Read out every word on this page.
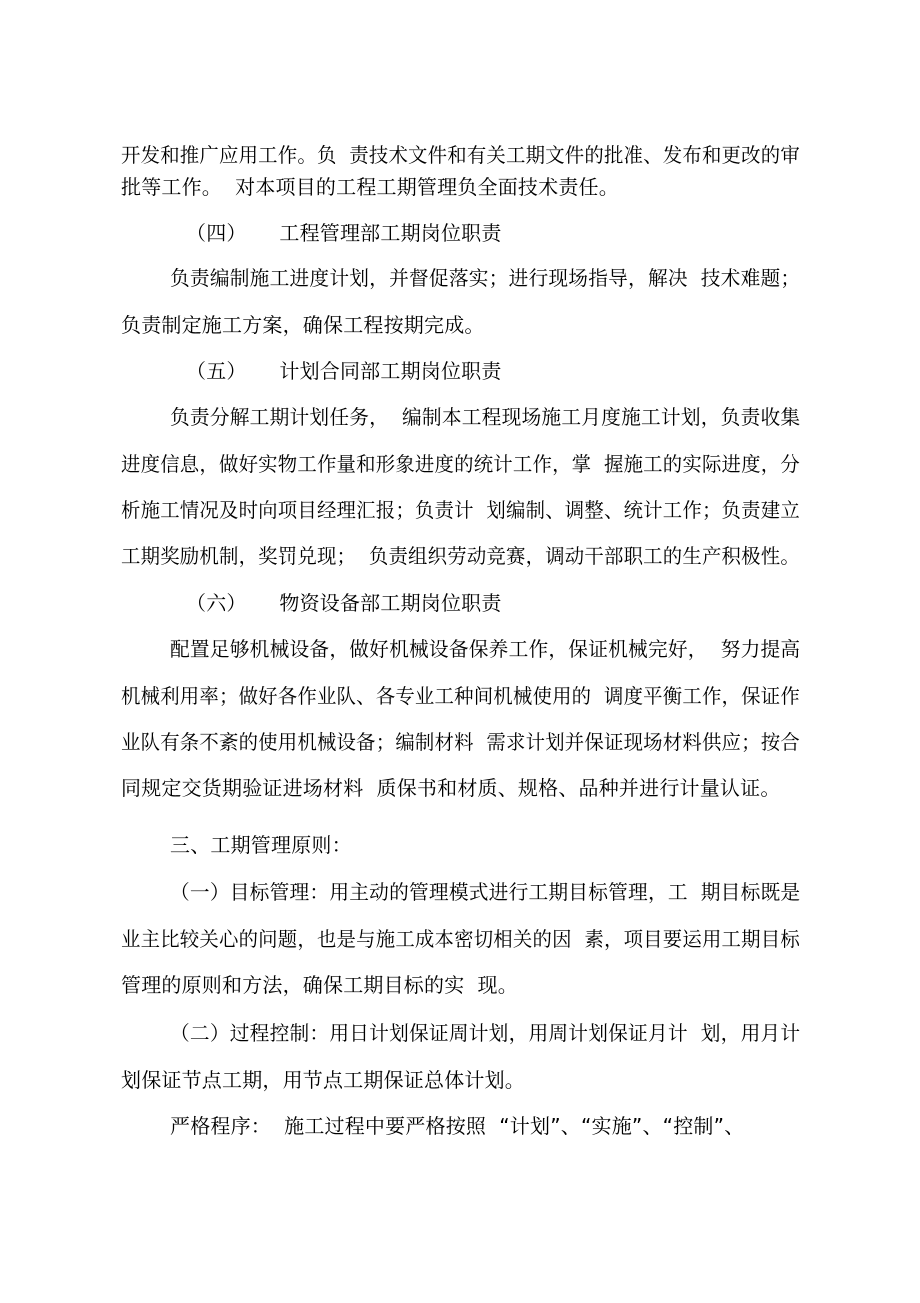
开发和推广应用工作。负  责技术文件和有关工期文件的批准、发布和更改的审
批等工作。  对本项目的工程工期管理负全面技术责任。
（四）     工程管理部工期岗位职责
负责编制施工进度计划，并督促落实；进行现场指导，解决  技术难题；
负责制定施工方案，确保工程按期完成。
（五）     计划合同部工期岗位职责
负责分解工期计划任务，  编制本工程现场施工月度施工计划，负责收集
进度信息，做好实物工作量和形象进度的统计工作，掌  握施工的实际进度，分
析施工情况及时向项目经理汇报；负责计  划编制、调整、统计工作；负责建立
工期奖励机制，奖罚兑现；  负责组织劳动竞赛，调动干部职工的生产积极性。
（六）     物资设备部工期岗位职责
配置足够机械设备，做好机械设备保养工作，保证机械完好，  努力提高
机械利用率；做好各作业队、各专业工种间机械使用的  调度平衡工作，保证作
业队有条不紊的使用机械设备；编制材料  需求计划并保证现场材料供应；按合
同规定交货期验证进场材料  质保书和材质、规格、品种并进行计量认证。
三、工期管理原则：
（一）目标管理：用主动的管理模式进行工期目标管理，工  期目标既是
业主比较关心的问题，也是与施工成本密切相关的因  素，项目要运用工期目标
管理的原则和方法，确保工期目标的实  现。
（二）过程控制：用日计划保证周计划，用周计划保证月计  划，用月计
划保证节点工期，用节点工期保证总体计划。
严格程序：  施工过程中要严格按照  “计划”、“实施”、“控制”、
